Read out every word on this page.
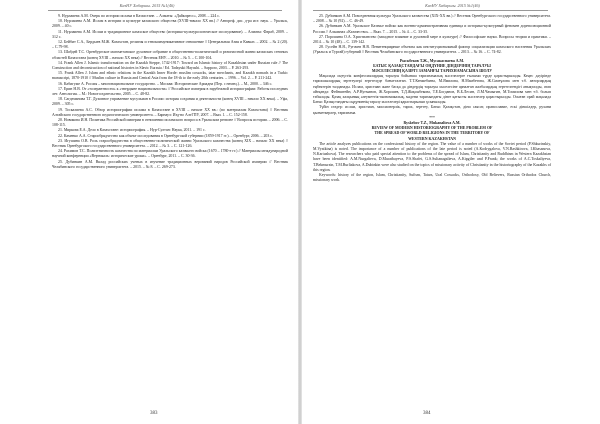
КазНУ Хабаршы. 2015 №1(46)

9. Нурлаиева А.М. Очерк по истории ислама в Казахстане. – Алматы: «Дайкпресс», 2008. – 224 с.

10. Нурлаиева А.М. Ислам в истории и культуре казахского общества (XVIII-начало XX вв.) // Автореф. дис. д-ра ист. наук. – Уральск, 2009. – 40 с.

11. Нурлаиева А.М. Ислам и традиционное казахское общество (историко-культурологическое исследование). – Алматы: Фараб, 2009. – 312 с.

12. Бейбит С.А., Бердыев М.Ж. Казахстан, религия и этнокоммуникативное отношение // Центральная Азия и Кавказ. – 2002. – № 2 (20). – С.79-98.

13. Шабдей Т.С. Оренбургское магометанское духовное собрание в общественно-политической и религиозной жизни казахских степных областей Казахстана (конец XVIII – начало XX века) // Вестник ЕНУ. – 2010. – № 5. – С.100-104.

14. Frank Allen J. Islamic transformation on the Kazakh Steppe, 1742-1917: Toward an Islamic history of Kazakhstan under Russian rule // The Construction and deconstruction of national histories in Slavic Eurasia / Ed. Tadayuki Hayashi. – Sapporo, 2003. – P. 263-293.

15. Frank Allen J. Islam and ethnic relations in the Kazakh Inner Horde: muslim cossacks, tatar merchants, and Kazakh nomads in a Turkic manuscript, 1870-1910 // Muslim culture in Russia and Central Asia from the 18-th to the early 20th centuries. – 1996. – Vol. 2. – P. 211-242.

16. Кабигуже А. Россия – многонациональное государство. – Москва: Исторические Ариадна (Пер. с немец.). – М., 2000. – 346 с.

17. Ерин Н.В. От «толерантности» к «твердыне национальности» // Российское империя в зарубежной историографии: Работы последних лет. Антология. – М.: Новое издательство, 2005. – С. 48-82.

18. Сагдеманова Т.Г. Духовное управление мусульман в России: история создания и деятельности (конец XVIII – начало XX века). – Уфа, 2009. – 305 с.

19. Тоскалиева А.С. Обзор историографии ислама в Казахстане в XVIII – начале XX вв.: (по материалам Казахстана) // Вестник Алтайского государственного педагогического университета. – Барнаул: Изд-во АлтГПУ, 2007. – Вып. 1. – С. 152-158.

20. Новикова И.Н. Политика Российской империи в отношении исламского вопроса в Уральском регионе // Вопросы истории. – 2006. – С. 108-115.

21. Миркова Е.А. Дело в Казахстане: историография. – Нур-Султан: Наука, 2011. – 191 с.

22. Каменко А.А. Старообрядчество как объект исследования в Оренбургской губернии (1859-1917 гг.). – Оренбург, 2006. – 203 с.

23. Игушина О.В. Роль старообрядчества в общественно-политической жизни Уральского казачества (конец XIX – начало XX века) // Вестник Оренбургского государственного университета. – 2012. – № 3. – С. 121-126.

24. Рахимов Т.С. Полиэтничность казачества по материалам Уральского казачьего войска (1670 – 1780-е гг.) // Материалы международной научной конференции «Вертикаль: исторические уроки». – Оренбург, 2011. – С. 30-36.

25. Дубинкин А.М. Вклад российских ученых в изучение традиционных верований народов Российской империи // Вестник Челябинского государственного университета. – 2015. – № 8. – С. 269-273.

383
КазНУ Хабаршы. 2015 №1(46)

25. Дубинкин А.М. Повседневная культура Уральского казачества (XIX-XX вв.) // Вестник Оренбургского государственного университета. – 2008. – № 10 (92). – С. 46-49.

26. Дубинкин А.М. Уральское Казачье войско как военно-административная единица и историко-культурный феномен дореволюционной России // Альманах «Казачество». – Вып. 7. – 2015. – № 4. – С. 33-35.

27. Порошина О.А. Христианство (западное влияние и духовной мере в культуре) // Философские науки. Вопросы теории и практики. – 2014. – № 10 (48). – С. 139-142.

28. Гусейн Н.Я., Ругачев Н.В. Пенитенциарные объекты как институциональный фактор социализации казахского населения Уральских (Уральск и Тургай) губерний // Вестник Челябинского государственного университета. – 2013. – № 16. – С. 74-82.

Рыскбеков Т.Ж., Мусакаспаева А.М.

БАТЫС ҚАЗАҚСТАНДАҒЫ ОҢДҮНИЕ ДІНДЕРІНІҢ ТАРАЛУЫ

МӘСЕЛЕСІНІҢ ҚАЗІРГІ ЗАМАНҒЫ ТАРИХНАМАСЫНА ШОЛУ

Мақалада оңтүстік конфессиялардың таралуы бойынша тарихнамалық мәселелерге ғылыми түрде қарастырылады. Кеңес дәуірінде тарихшылардың зерттеулері зерттелуде бағытталған. Т.Т.Кенжебаева, М.Ямилова, Н.Мамбетова, Ж.Смағұлова мен т.б. авторлардың еңбектерін талданады. Ислам, христиан және басқа да діндердің таралуы мәселесіне арналған жазбалардың зерттелгендігі анықталды, атап айтқанда: Фейнштейн, А.Р.Нугманов, Ж.Хорошев, Т.Д.Жақсыбекова, Т.Е.Богданов, В.Б.Лесин, Л.М.Чамыгин, М.Томилова мен т.б. болып табылады. Қазақ халқының әлеуметтік-экономикалық, мәдени тарихындағы дінге қатысты мәселелер қарастырылды. Осыған орай мақалада Батыс Қазақстандағы оңдүниенің таралу мәселелері қарастырылып ұсынылады.

Түйін сөздер: ислам, христиан, миссионерлік, тарих, зерттеу, Батыс Қазақстан, діни саясат, православие, ескі діншілдер, рухани қызметкерлер, тарихнама.

***

Ryskebov T.Z., Mukanaliova A.M.

REVIEW OF MODERN HISTORIOGRAPHY OF THE PROBLEM OF

THE SPREAD OF WORLD RELIGIONS IN THE TERRITORY OF

WESTERN KAZAKHSTAN

The article analyzes publications on the confessional history of the region. The value of a number of works of the Soviet period (P.Shkurinskiy, M.Vyatkina) is noted. The importance of a number of publications of the late period is noted (A.Kodrygalova, V.N.Bashkirova, I.Khasanova, N.Kartuzhova). The researchers who paid special attention to the problems of the spread of Islam, Christianity and Buddhism in Western Kazakhstan have been identified: A.M.Nurgalieva, D.Muratbayeva, P.S.Shafei, G.S.Sultanagalieva, A.Kipgiler and P.Frank; the works of A.C.Toskaliyeva, T.Bekmurzin, T.M.Burliakova, A.Dubinkin were also studied on the topics of missionary activity of Christianity in the historiography of the Kazakhs of this region.

Keywords: history of the region, Islam, Christianity, Sufism, Tatars, Ural Cossacks, Orthodoxy, Old Believers, Russian Orthodox Church, missionary work.

384
